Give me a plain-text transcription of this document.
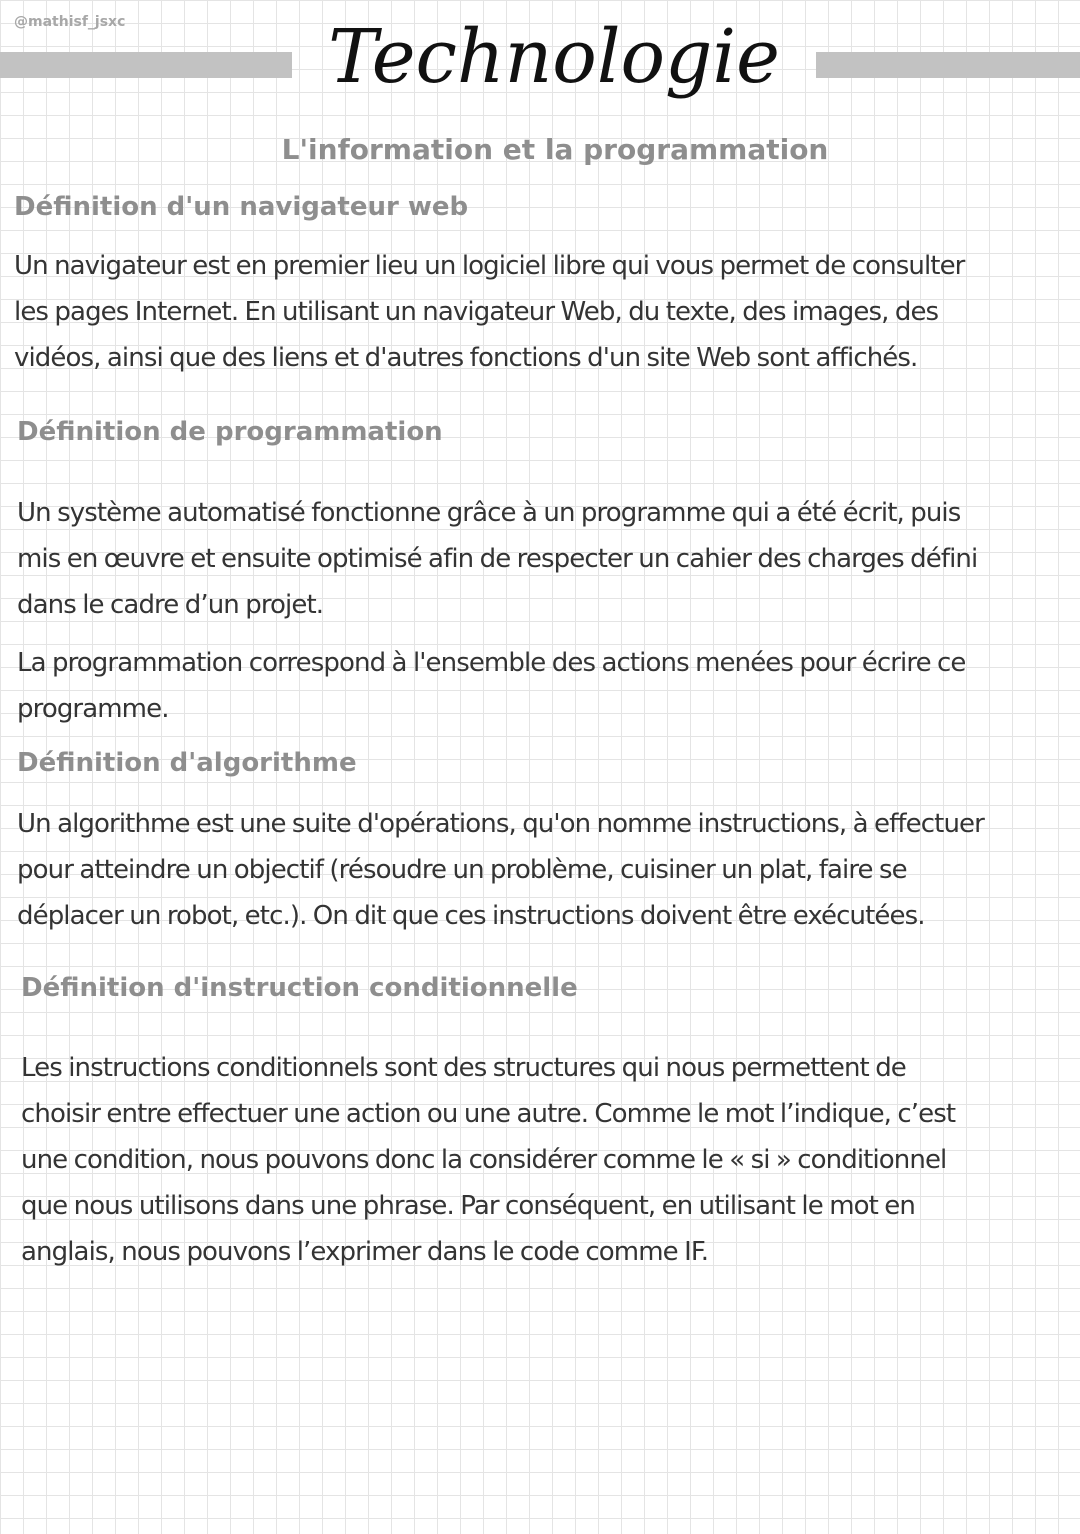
@mathisf_jsxc	Technologie
L'information et la programmation
Définition d'un navigateur web

Un navigateur est en premier lieu un logiciel libre qui vous permet de consulter
les pages Internet. En utilisant un navigateur Web, du texte, des images, des
vidéos, ainsi que des liens et d'autres fonctions d'un site Web sont affichés.

Définition de programmation

Un système automatisé fonctionne grâce à un programme qui a été écrit, puis
mis en œuvre et ensuite optimisé afin de respecter un cahier des charges défini
dans le cadre d’un projet.

La programmation correspond à l'ensemble des actions menées pour écrire ce
programme.

Définition d'algorithme

Un algorithme est une suite d'opérations, qu'on nomme instructions, à effectuer
pour atteindre un objectif (résoudre un problème, cuisiner un plat, faire se
déplacer un robot, etc.). On dit que ces instructions doivent être exécutées.

Définition d'instruction conditionnelle

Les instructions conditionnels sont des structures qui nous permettent de
choisir entre effectuer une action ou une autre. Comme le mot l’indique, c’est
une condition, nous pouvons donc la considérer comme le « si » conditionnel
que nous utilisons dans une phrase. Par conséquent, en utilisant le mot en
anglais, nous pouvons l’exprimer dans le code comme IF.
